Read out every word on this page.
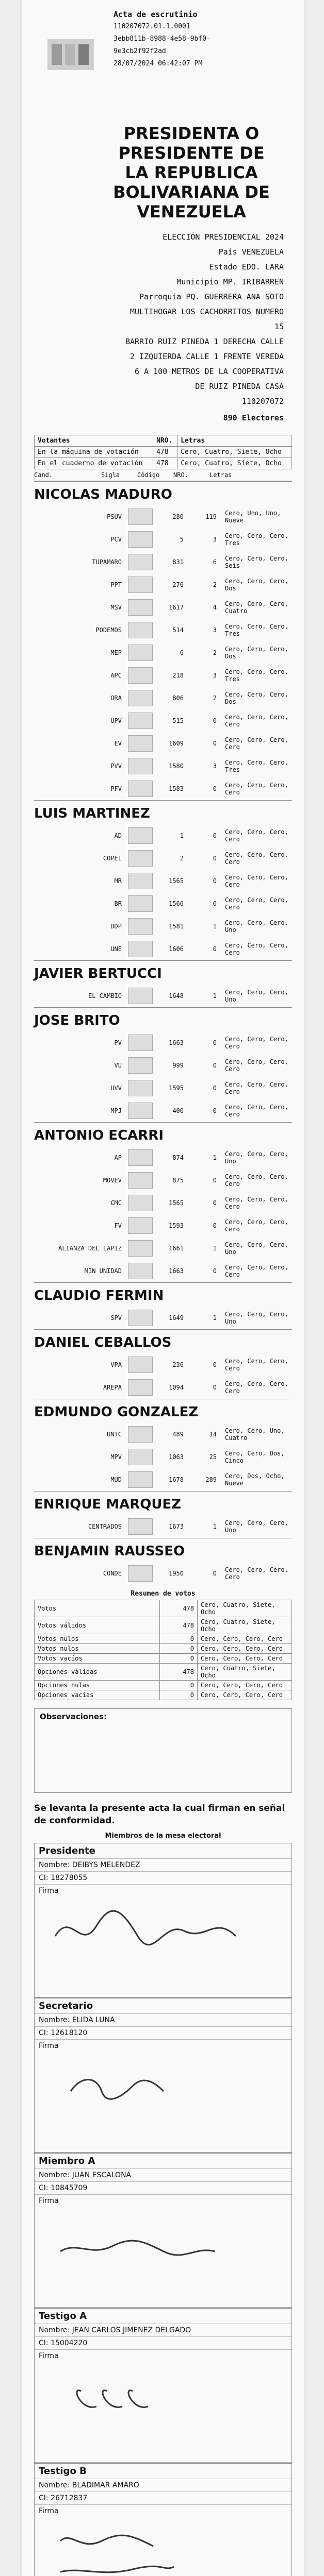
Acta de escrutinio
110207072.01.1.0001
3ebb811b-8988-4e58-9bf0-
9e3cb2f92f2ad
28/07/2024 06:42:07 PM
PRESIDENTA O PRESIDENTE DE LA REPUBLICA BOLIVARIANA DE VENEZUELA
ELECCIÓN PRESIDENCIAL 2024
País VENEZUELA
Estado EDO. LARA
Municipio MP. IRIBARREN
Parroquia PQ. GUERRERA ANA SOTO
MULTIHOGAR LOS CACHORRITOS NUMERO 15
BARRIO RUIZ PINEDA 1 DERECHA CALLE 2 IZQUIERDA CALLE 1 FRENTE VEREDA 6 A 100 METROS DE LA COOPERATIVA DE RUIZ PINEDA CASA
110207072
890 Electores
Votantes	NRO.	Letras
En la máquina de votación	478	Cero, Cuatro, Siete, Ocho
En el cuaderno de votación	478	Cero, Cuatro, Siete, Ocho
Cand.	Sigla	Código	NRO.	Letras
NICOLAS MADURO
PSUV	280	119	Cero, Uno, Uno, Nueve
PCV	5	3	Cero, Cero, Cero, Tres
TUPAMARO	831	6	Cero, Cero, Cero, Seis
PPT	276	2	Cero, Cero, Cero, Dos
MSV	1617	4	Cero, Cero, Cero, Cuatro
PODEMOS	514	3	Cero, Cero, Cero, Tres
MEP	6	2	Cero, Cero, Cero, Dos
APC	218	3	Cero, Cero, Cero, Tres
ORA	806	2	Cero, Cero, Cero, Dos
UPV	515	0	Cero, Cero, Cero, Cero
EV	1609	0	Cero, Cero, Cero, Cero
PVV	1580	3	Cero, Cero, Cero, Tres
PFV	1583	0	Cero, Cero, Cero, Cero
LUIS MARTINEZ
AD	1	0	Cero, Cero, Cero, Cero
COPEI	2	0	Cero, Cero, Cero, Cero
MR	1565	0	Cero, Cero, Cero, Cero
BR	1566	0	Cero, Cero, Cero, Cero
DDP	1581	1	Cero, Cero, Cero, Uno
UNE	1606	0	Cero, Cero, Cero, Cero
JAVIER BERTUCCI
EL CAMBIO	1648	1	Cero, Cero, Cero, Uno
JOSE BRITO
PV	1663	0	Cero, Cero, Cero, Cero
VU	999	0	Cero, Cero, Cero, Cero
UVV	1595	0	Cero, Cero, Cero, Cero
MPJ	400	0	Cero, Cero, Cero, Cero
ANTONIO ECARRI
AP	874	1	Cero, Cero, Cero, Uno
MOVEV	875	0	Cero, Cero, Cero, Cero
CMC	1565	0	Cero, Cero, Cero, Cero
FV	1593	0	Cero, Cero, Cero, Cero
ALIANZA DEL LAPIZ	1661	1	Cero, Cero, Cero, Uno
MIN UNIDAD	1663	0	Cero, Cero, Cero, Cero
CLAUDIO FERMIN
SPV	1649	1	Cero, Cero, Cero, Uno
DANIEL CEBALLOS
VPA	236	0	Cero, Cero, Cero, Cero
AREPA	1094	0	Cero, Cero, Cero, Cero
EDMUNDO GONZALEZ
UNTC	489	14	Cero, Cero, Uno, Cuatro
MPV	1063	25	Cero, Cero, Dos, Cinco
MUD	1678	289	Cero, Dos, Ocho, Nueve
ENRIQUE MARQUEZ
CENTRADOS	1673	1	Cero, Cero, Cero, Uno
BENJAMIN RAUSSEO
CONDE	1950	0	Cero, Cero, Cero, Cero
Resumen de votos
Votos	478	Cero, Cuatro, Siete, Ocho
Votos válidos	478	Cero, Cuatro, Siete, Ocho
Votos nulos	0	Cero, Cero, Cero, Cero
Votos nulos	0	Cero, Cero, Cero, Cero
Votos vacíos	0	Cero, Cero, Cero, Cero
Opciones válidas	478	Cero, Cuatro, Siete, Ocho
Opciones nulas	0	Cero, Cero, Cero, Cero
Opciones vacías	0	Cero, Cero, Cero, Cero
Observaciones:
Se levanta la presente acta la cual firman en señal de conformidad.
Miembros de la mesa electoral
Presidente
Nombre: DEIBYS MELENDEZ
CI: 18278055
Firma
Secretario
Nombre: ELIDA LUNA
CI: 12618120
Firma
Miembro A
Nombre: JUAN ESCALONA
CI: 10845709
Firma
Testigo A
Nombre: JEAN CARLOS JIMENEZ DELGADO
CI: 15004220
Firma
Testigo B
Nombre: BLADIMAR AMARO
CI: 26712837
Firma
